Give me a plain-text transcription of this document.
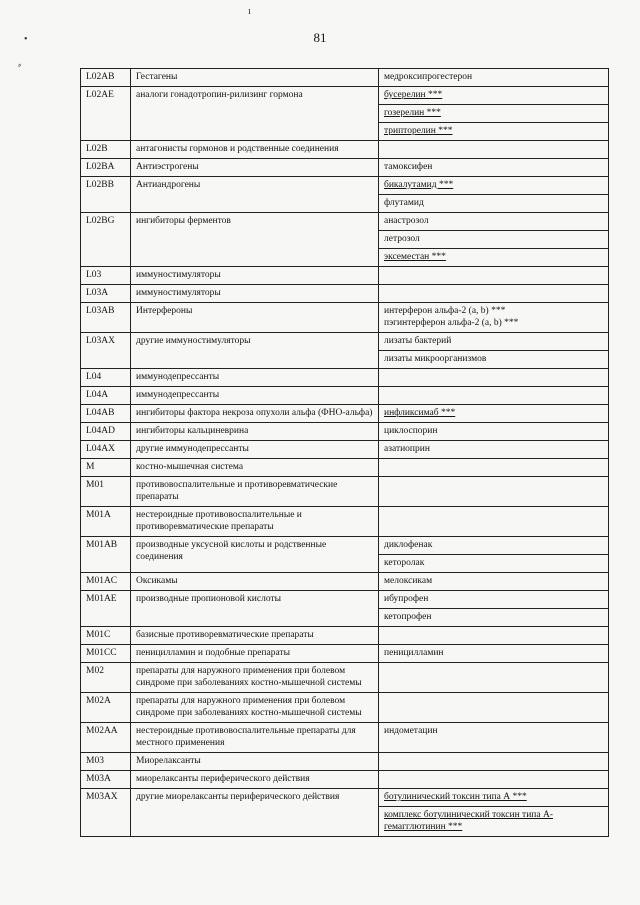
81
ı
•
⸗
L02AB	Гестагены	медроксипрогестерон

L02AE	аналоги гонадотропин-рилизинг гормона	бусерелин ***
гозерелин ***
трипторелин ***

L02B	антагонисты гормонов и родственные соединения	

L02BA	Антиэстрогены	тамоксифен

L02BB	Антиандрогены	бикалутамид ***
флутамид

L02BG	ингибиторы ферментов	анастрозол
летрозол
эксеместан ***

L03	иммуностимуляторы	

L03A	иммуностимуляторы	

L03AB	Интерфероны	интерферон альфа-2 (a, b) ***
пэгинтерферон альфа-2 (a, b) ***

L03AX	другие иммуностимуляторы	лизаты бактерий
лизаты микроорганизмов

L04	иммунодепрессанты	

L04A	иммунодепрессанты	

L04AB	ингибиторы фактора некроза опухоли альфа (ФНО-альфа)	инфликсимаб ***

L04AD	ингибиторы кальциневрина	циклоспорин

L04AX	другие иммунодепрессанты	азатиоприн

M	костно-мышечная система	

M01	противовоспалительные и противоревматические препараты	

M01A	нестероидные противовоспалительные и противоревматические препараты	

M01AB	производные уксусной кислоты и родственные соединения	диклофенак
кеторолак

M01AC	Оксикамы	мелоксикам

M01AE	производные пропионовой кислоты	ибупрофен
кетопрофен

M01C	базисные противоревматические препараты	

M01CC	пеницилламин и подобные препараты	пеницилламин

M02	препараты для наружного применения при болевом синдроме при заболеваниях костно-мышечной системы	

M02A	препараты для наружного применения при болевом синдроме при заболеваниях костно-мышечной системы	

M02AA	нестероидные противовоспалительные препараты для местного применения	индометацин

M03	Миорелаксанты	

M03A	миорелаксанты периферического действия	

M03AX	другие миорелаксанты периферического действия	ботулинический токсин типа А ***
комплекс ботулинический токсин типа А-
гемагглютинин ***
